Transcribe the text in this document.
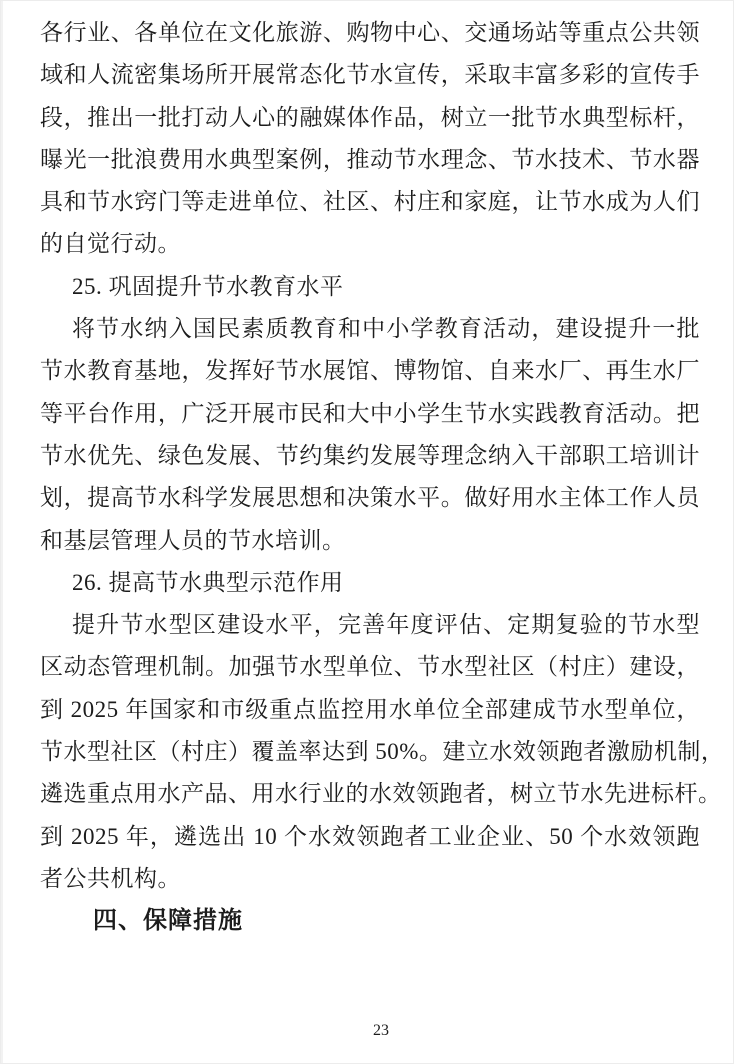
各行业、各单位在文化旅游、购物中心、交通场站等重点公共领
域和人流密集场所开展常态化节水宣传，采取丰富多彩的宣传手
段，推出一批打动人心的融媒体作品，树立一批节水典型标杆，
曝光一批浪费用水典型案例，推动节水理念、节水技术、节水器
具和节水窍门等走进单位、社区、村庄和家庭，让节水成为人们
的自觉行动。
25. 巩固提升节水教育水平
将节水纳入国民素质教育和中小学教育活动，建设提升一批
节水教育基地，发挥好节水展馆、博物馆、自来水厂、再生水厂
等平台作用，广泛开展市民和大中小学生节水实践教育活动。把
节水优先、绿色发展、节约集约发展等理念纳入干部职工培训计
划，提高节水科学发展思想和决策水平。做好用水主体工作人员
和基层管理人员的节水培训。
26. 提高节水典型示范作用
提升节水型区建设水平，完善年度评估、定期复验的节水型
区动态管理机制。加强节水型单位、节水型社区（村庄）建设，
到 2025 年国家和市级重点监控用水单位全部建成节水型单位，
节水型社区（村庄）覆盖率达到 50%。建立水效领跑者激励机制，
遴选重点用水产品、用水行业的水效领跑者，树立节水先进标杆。
到 2025 年，遴选出 10 个水效领跑者工业企业、50 个水效领跑
者公共机构。
四、保障措施
23
